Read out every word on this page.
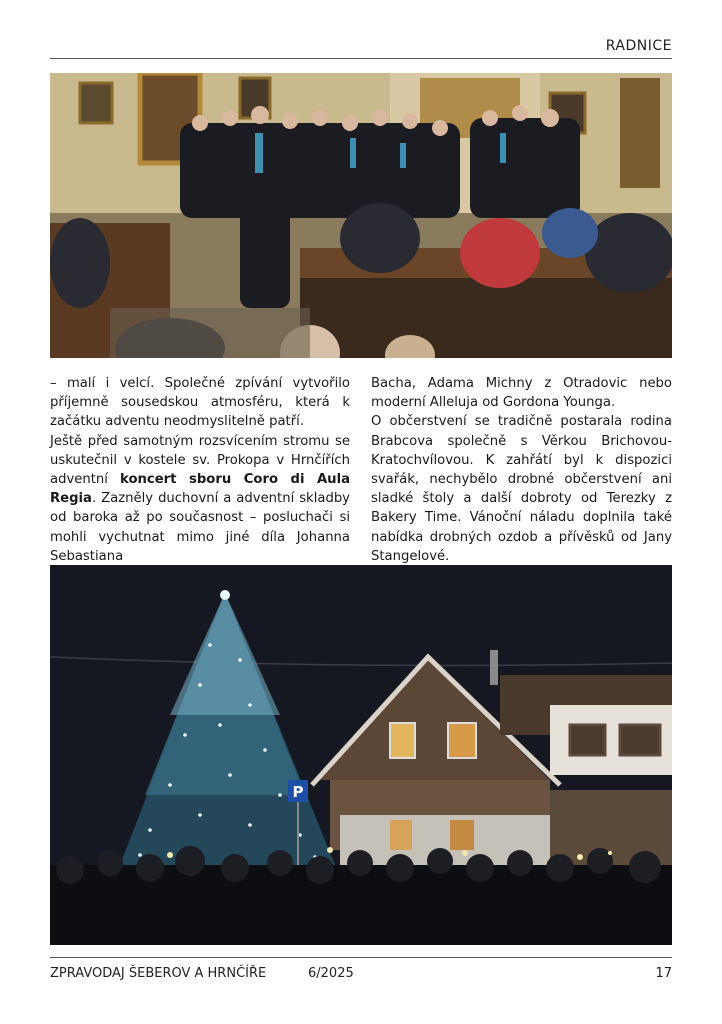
RADNICE

– malí i velcí. Společné zpívání vytvořilo příjemně sousedskou atmosféru, která k začátku adventu neodmyslitelně patří.

Ještě před samotným rozsvícením stromu se uskutečnil v kostele sv. Prokopa v Hrnčířích adventní koncert sboru Coro di Aula Regia. Zazněly duchovní a adventní skladby od baroka až po současnost – posluchači si mohli vychutnat mimo jiné díla Johanna Sebastiana

Bacha, Adama Michny z Otradovic nebo moderní Alleluja od Gordona Younga.

O občerstvení se tradičně postarala rodina Brabcova společně s Věrkou Brichovou-Kratochvílovou. K zahřátí byl k dispozici svařák, nechybělo drobné občerstvení ani sladké štoly a další dobroty od Terezky z Bakery Time. Vánoční náladu doplnila také nabídka drobných ozdob a přívěsků od Jany Stangelové.

P
ZPRAVODAJ ŠEBEROV A HRNČÍŘE	6/2025	17
